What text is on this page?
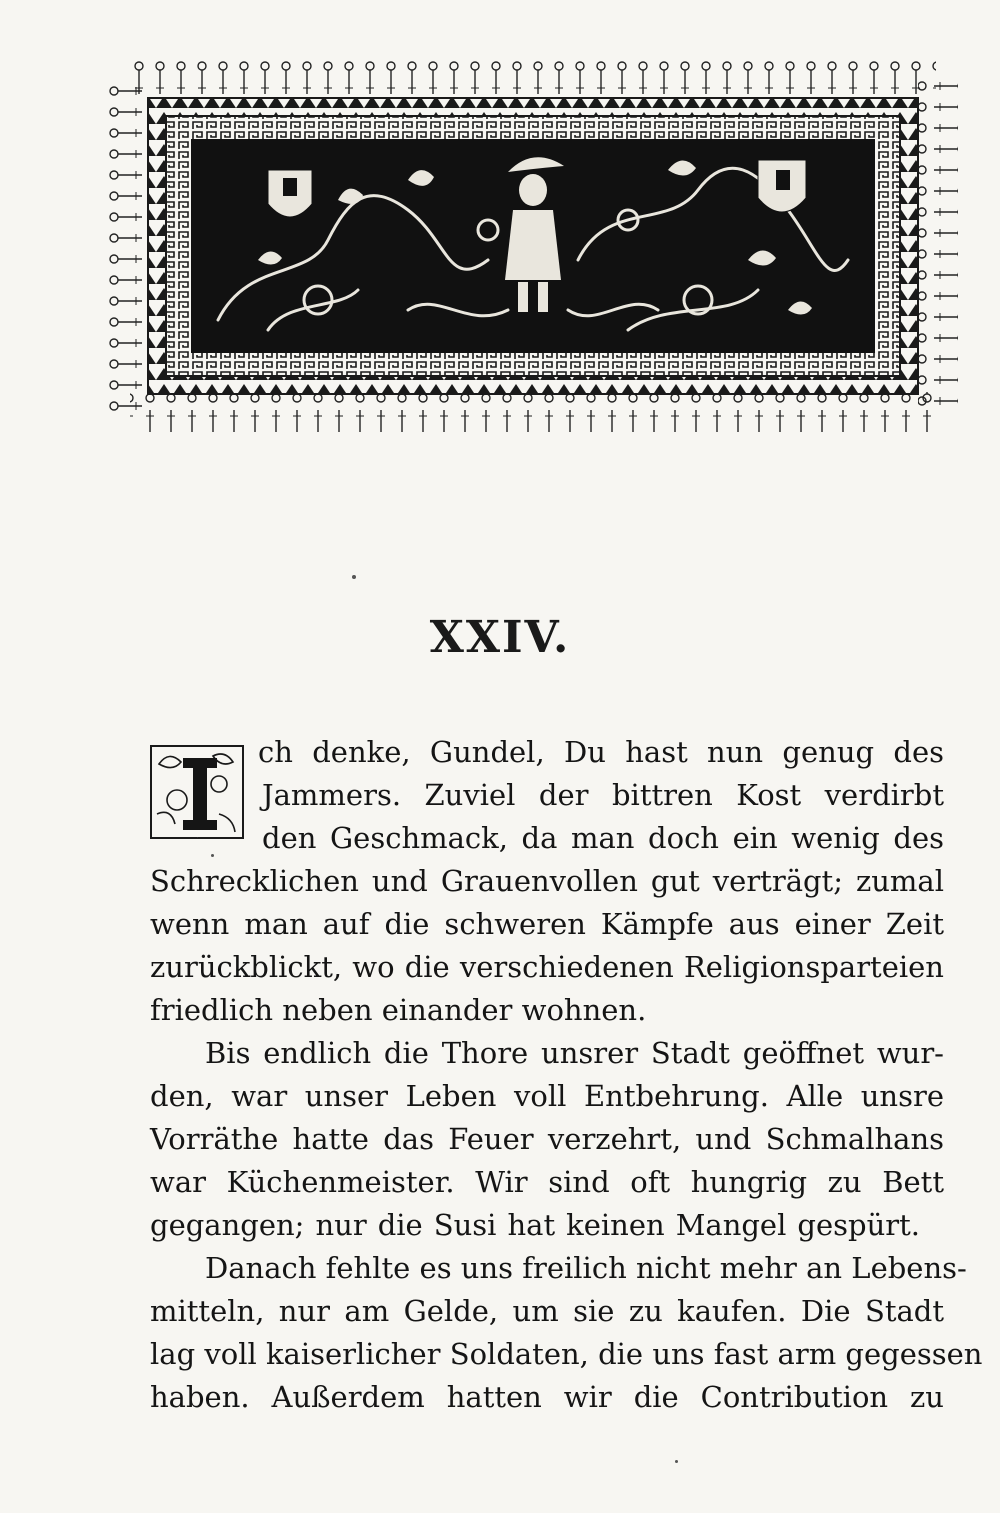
XXIV.
I
ch denke, Gundel, Du hast nun genug des
Jammers. Zuviel der bittren Kost verdirbt
den Geschmack, da man doch ein wenig des
Schrecklichen und Grauenvollen gut verträgt; zumal
wenn man auf die schweren Kämpfe aus einer Zeit
zurückblickt, wo die verschiedenen Religionsparteien
friedlich neben einander wohnen.
Bis endlich die Thore unsrer Stadt geöffnet wur-
den, war unser Leben voll Entbehrung. Alle unsre
Vorräthe hatte das Feuer verzehrt, und Schmalhans
war Küchenmeister. Wir sind oft hungrig zu Bett
gegangen; nur die Susi hat keinen Mangel gespürt.
Danach fehlte es uns freilich nicht mehr an Lebens-
mitteln, nur am Gelde, um sie zu kaufen. Die Stadt
lag voll kaiserlicher Soldaten, die uns fast arm gegessen
haben. Außerdem hatten wir die Contribution zu
